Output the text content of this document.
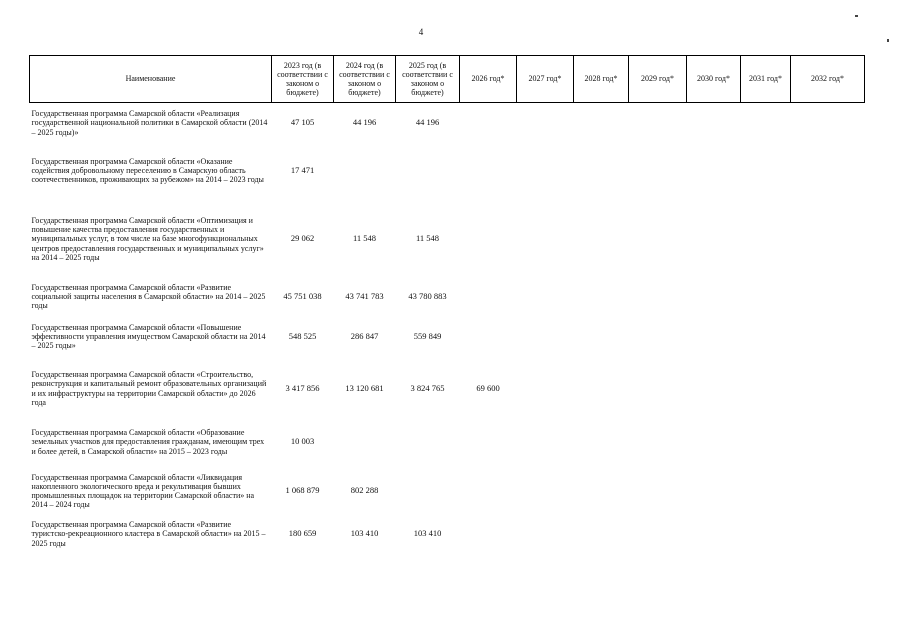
4
Наименование	2023 год (в соответствии с законом о бюджете)	2024 год (в соответствии с законом о бюджете)	2025 год (в соответствии с законом о бюджете)	2026 год*	2027 год*	2028 год*	2029 год*	2030 год*	2031 год*	2032 год*
Государственная программа Самарской области «Реализация государственной национальной политики в Самарской области (2014 – 2025 годы)»	47 105	44 196	44 196							
Государственная программа Самарской области «Оказание содействия добровольному переселению в Самарскую область соотечественников, проживающих за рубежом» на 2014 – 2023 годы	17 471									
Государственная программа Самарской области «Оптимизация и повышение качества предоставления государственных и муниципальных услуг, в том числе на базе многофункциональных центров предоставления государственных и муниципальных услуг» на 2014 – 2025 годы	29 062	11 548	11 548							
Государственная программа Самарской области «Развитие социальной защиты населения в Самарской области» на 2014 – 2025 годы	45 751 038	43 741 783	43 780 883							
Государственная программа Самарской области «Повышение эффективности управления имуществом Самарской области на 2014 – 2025 годы»	548 525	286 847	559 849							
Государственная программа Самарской области «Строительство, реконструкция и капитальный ремонт образовательных организаций и их инфраструктуры на территории Самарской области» до 2026 года	3 417 856	13 120 681	3 824 765	69 600						
Государственная программа Самарской области «Образование земельных участков для предоставления гражданам, имеющим трех и более детей, в Самарской области» на 2015 – 2023 годы	10 003									
Государственная программа Самарской области «Ликвидация накопленного экологического вреда и рекультивация бывших промышленных площадок на территории Самарской области» на 2014 – 2024 годы	1 068 879	802 288								
Государственная программа Самарской области «Развитие туристско-рекреационного кластера в Самарской области» на 2015 – 2025 годы	180 659	103 410	103 410							
